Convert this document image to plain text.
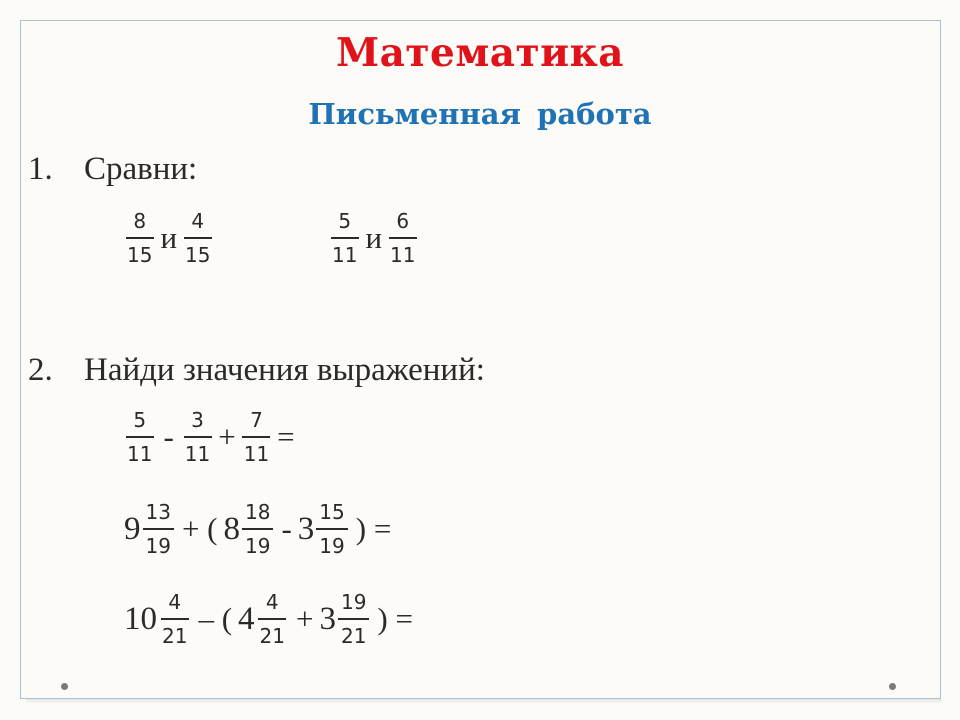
Математика
Письменная работа
1. Сравни:
$\frac{8}{15}$ и $\frac{4}{15}$	$\frac{5}{11}$ и $\frac{6}{11}$
2. Найди значения выражений:
$\frac{5}{11} - \frac{3}{11} + \frac{7}{11}$ =
$9 \frac{13}{19}$ + ( $8 \frac{18}{19} - 3 \frac{15}{19}$ ) =
$10 \frac{4}{21}$ – ( $4 \frac{4}{21} + 3 \frac{19}{21}$ ) =
